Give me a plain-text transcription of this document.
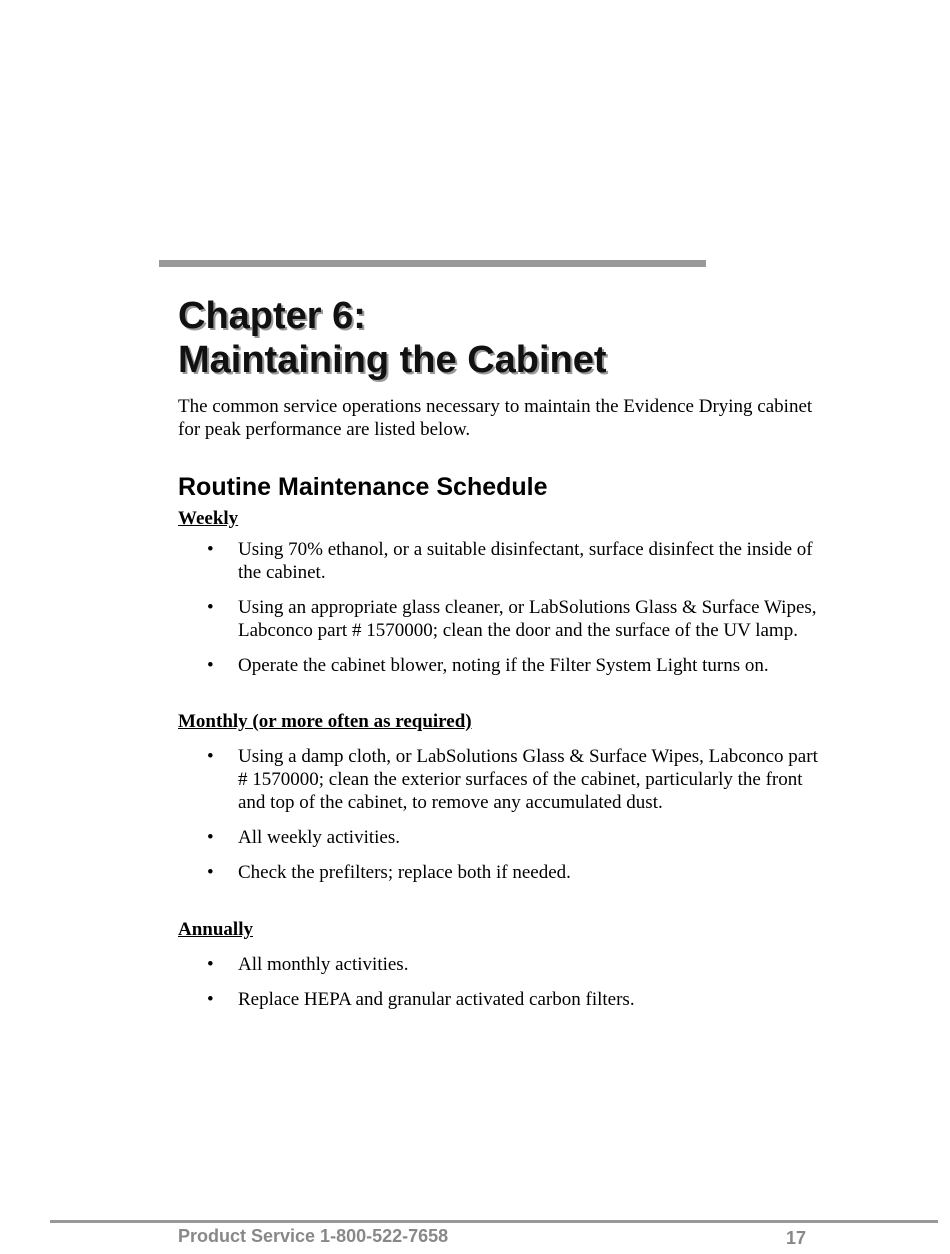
Chapter 6:
Maintaining the Cabinet

The common service operations necessary to maintain the Evidence Drying cabinet for peak performance are listed below.

Routine Maintenance Schedule
Weekly
• Using 70% ethanol, or a suitable disinfectant, surface disinfect the inside of the cabinet.
• Using an appropriate glass cleaner, or LabSolutions Glass & Surface Wipes, Labconco part # 1570000; clean the door and the surface of the UV lamp.
• Operate the cabinet blower, noting if the Filter System Light turns on.
Monthly (or more often as required)
• Using a damp cloth, or LabSolutions Glass & Surface Wipes, Labconco part # 1570000; clean the exterior surfaces of the cabinet, particularly the front and top of the cabinet, to remove any accumulated dust.
• All weekly activities.
• Check the prefilters; replace both if needed.
Annually
• All monthly activities.
• Replace HEPA and granular activated carbon filters.
Product Service 1-800-522-7658	17
